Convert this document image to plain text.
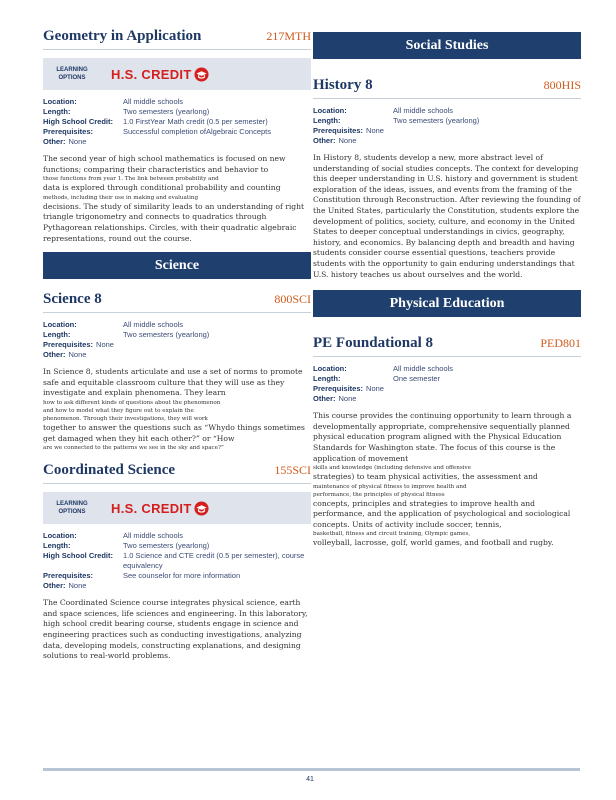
Geometry in Application	217MTH
LEARNING OPTIONS	H.S. CREDIT
Location:	All middle schools
Length:	Two semesters (yearlong)
High School Credit:	1.0 FirstYear Math credit (0.5 per semester)
Prerequisites:	Successful completion ofAlgebraic Concepts
Other: None
The second year of high school mathematics is focused on new functions; comparing their characteristics and behavior to
those functions from year 1. The link between probability and
data is explored through conditional probability and counting
methods, including their use in making and evaluating
decisions. The study of similarity leads to an understanding of right triangle trigonometry and connects to quadratics through Pythagorean relationships. Circles, with their quadratic algebraic representations, round out the course.
Science
Science 8	800SCI
Location:	All middle schools
Length:	Two semesters (yearlong)
Prerequisites: None
Other: None
In Science 8, students articulate and use a set of norms to promote safe and equitable classroom culture that they will use as they investigate and explain phenomena. They learn
how to ask different kinds of questions about the phenomenon
and how to model what they figure out to explain the
phenomenon. Through their investigations, they will work
together to answer the questions such as “Whydo things sometimes get damaged when they hit each other?” or “How
are we connected to the patterns we see in the sky and space?”
Coordinated Science	155SCI
LEARNING OPTIONS	H.S. CREDIT
Location:	All middle schools
Length:	Two semesters (yearlong)
High School Credit:	1.0 Science and CTE credit (0.5 per semester), course equivalency
Prerequisites:	See counselor for more information
Other: None
The Coordinated Science course integrates physical science, earth and space sciences, life sciences and engineering. In this laboratory, high school credit bearing course, students engage in science and engineering practices such as conducting investigations, analyzing data, developing models, constructing explanations, and designing solutions to real-world problems.
Social Studies
History 8	800HIS
Location:	All middle schools
Length:	Two semesters (yearlong)
Prerequisites: None
Other: None
In History 8, students develop a new, more abstract level of understanding of social studies concepts. The context for developing this deeper understanding in U.S. history and government is student exploration of the ideas, issues, and events from the framing of the Constitution through Reconstruction. After reviewing the founding of the United States, particularly the Constitution, students explore the development of politics, society, culture, and economy in the United States to deeper conceptual understandings in civics, geography, history, and economics. By balancing depth and breadth and having students consider course essential questions, teachers provide students with the opportunity to gain enduring understandings that U.S. history teaches us about ourselves and the world.
Physical Education
PE Foundational 8	PED801
Location:	All middle schools
Length:	One semester
Prerequisites: None
Other: None
This course provides the continuing opportunity to learn through a developmentally appropriate, comprehensive sequentially planned physical education program aligned with the Physical Education Standards for Washington state. The focus of this course is the application of movement
skills and knowledge (including defensive and offensive
strategies) to team physical activities, the assessment and
maintenance of physical fitness to improve health and
performance, the principles of physical fitness
concepts, principles and strategies to improve health and performance, and the application of psychological and sociological concepts. Units of activity include soccer, tennis,
basketball, fitness and circuit training, Olympic games,
volleyball, lacrosse, golf, world games, and football and rugby.
41
